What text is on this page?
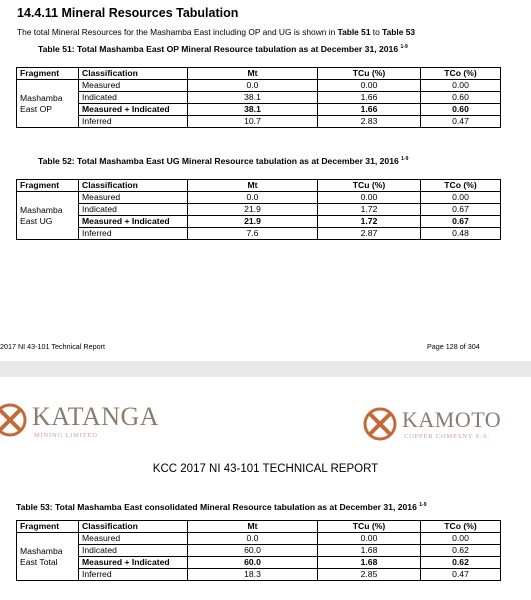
14.4.11 Mineral Resources Tabulation
The total Mineral Resources for the Mashamba East including OP and UG is shown in Table 51 to Table 53
Table 51: Total Mashamba East OP Mineral Resource tabulation as at December 31, 2016 $^{1-9}$
Fragment	Classification	Mt	TCu (%)	TCo (%)
Mashamba
East OP	Measured	0.0	0.00	0.00
	Indicated	38.1	1.66	0.60
	Measured + Indicated	38.1	1.66	0.60
	Inferred	10.7	2.83	0.47
Table 52: Total Mashamba East UG Mineral Resource tabulation as at December 31, 2016 $^{1-9}$
Fragment	Classification	Mt	TCu (%)	TCo (%)
Mashamba
East UG	Measured	0.0	0.00	0.00
	Indicated	21.9	1.72	0.67
	Measured + Indicated	21.9	1.72	0.67
	Inferred	7.6	2.87	0.48
2017 NI 43-101 Technical Report	Page 128 of 304
KATANGA
MINING LIMITED
KAMOTO
COPPER COMPANY S.A.
KCC 2017 NI 43-101 TECHNICAL REPORT
Table 53: Total Mashamba East consolidated Mineral Resource tabulation as at December 31, 2016 $^{1-9}$
Fragment	Classification	Mt	TCu (%)	TCo (%)
Mashamba
East Total	Measured	0.0	0.00	0.00
	Indicated	60.0	1.68	0.62
	Measured + Indicated	60.0	1.68	0.62
	Inferred	18.3	2.85	0.47
